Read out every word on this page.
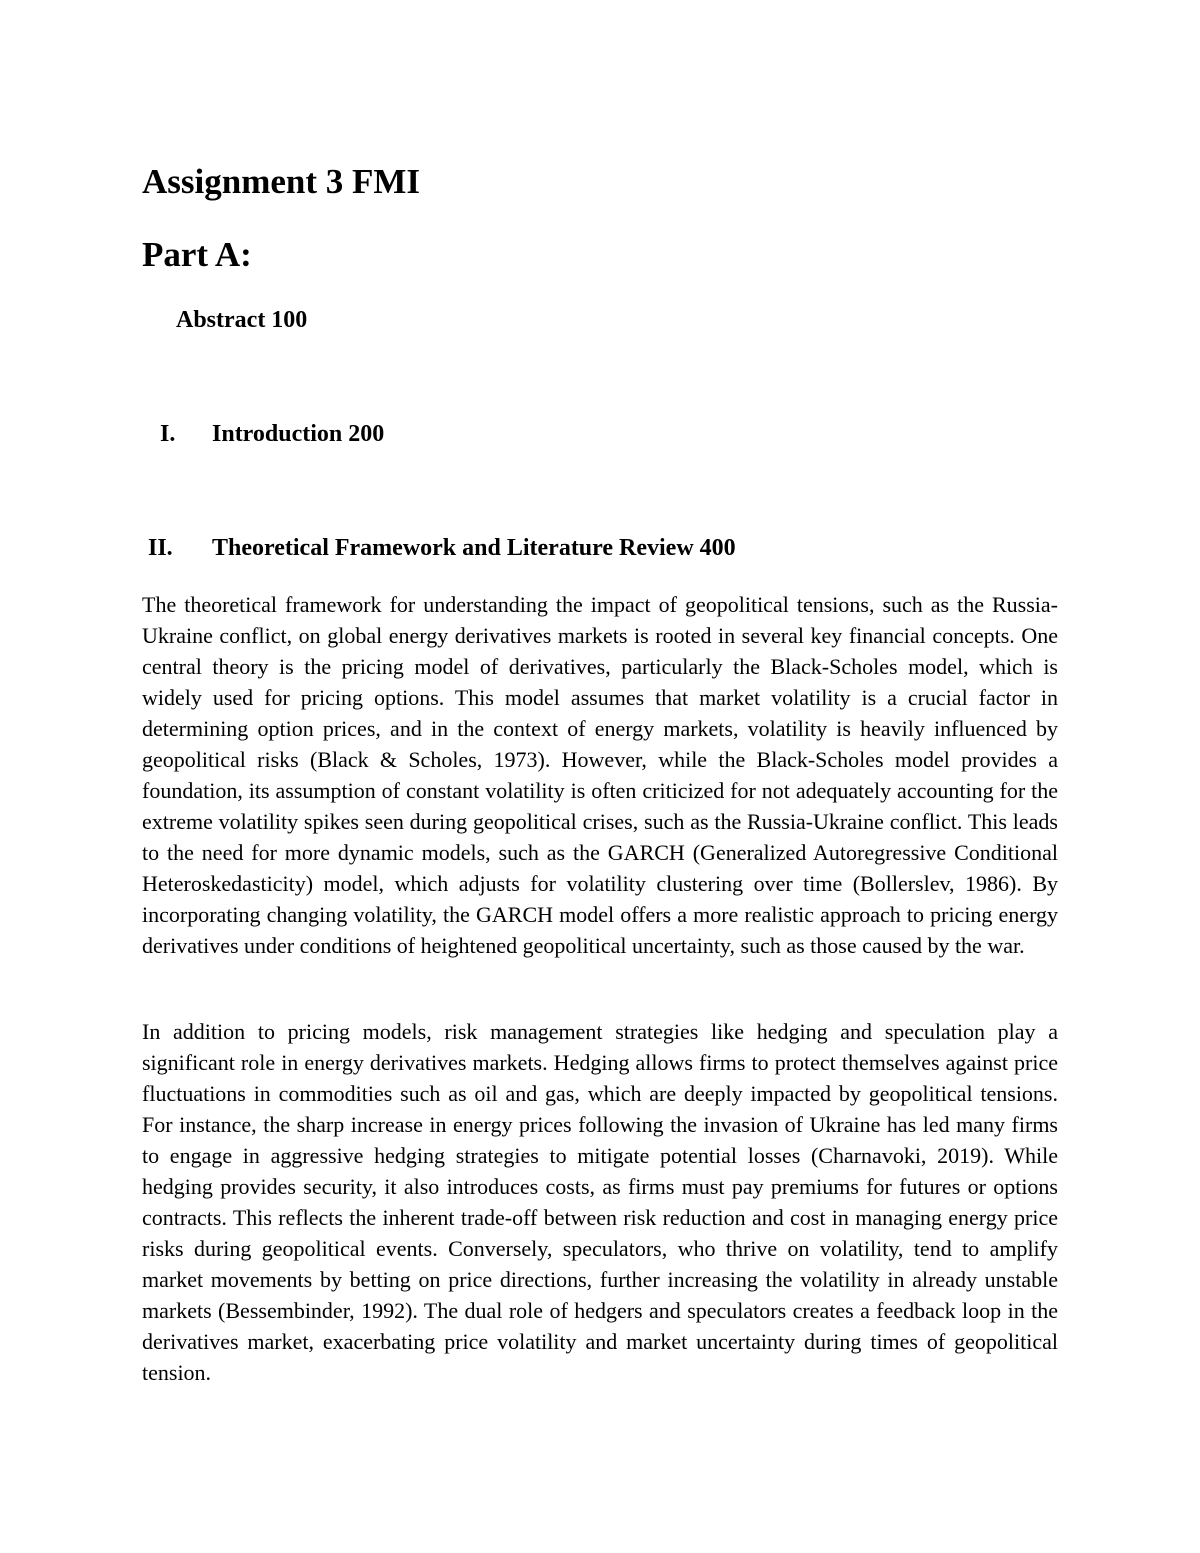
Assignment 3 FMI
Part A:
Abstract 100
I. Introduction 200
II. Theoretical Framework and Literature Review 400

The theoretical framework for understanding the impact of geopolitical tensions, such as the Russia-Ukraine conflict, on global energy derivatives markets is rooted in several key financial concepts. One central theory is the pricing model of derivatives, particularly the Black-Scholes model, which is widely used for pricing options. This model assumes that market volatility is a crucial factor in determining option prices, and in the context of energy markets, volatility is heavily influenced by geopolitical risks (Black & Scholes, 1973). However, while the Black-Scholes model provides a foundation, its assumption of constant volatility is often criticized for not adequately accounting for the extreme volatility spikes seen during geopolitical crises, such as the Russia-Ukraine conflict. This leads to the need for more dynamic models, such as the GARCH (Generalized Autoregressive Conditional Heteroskedasticity) model, which adjusts for volatility clustering over time (Bollerslev, 1986). By incorporating changing volatility, the GARCH model offers a more realistic approach to pricing energy derivatives under conditions of heightened geopolitical uncertainty, such as those caused by the war.

In addition to pricing models, risk management strategies like hedging and speculation play a significant role in energy derivatives markets. Hedging allows firms to protect themselves against price fluctuations in commodities such as oil and gas, which are deeply impacted by geopolitical tensions. For instance, the sharp increase in energy prices following the invasion of Ukraine has led many firms to engage in aggressive hedging strategies to mitigate potential losses (Charnavoki, 2019). While hedging provides security, it also introduces costs, as firms must pay premiums for futures or options contracts. This reflects the inherent trade-off between risk reduction and cost in managing energy price risks during geopolitical events. Conversely, speculators, who thrive on volatility, tend to amplify market movements by betting on price directions, further increasing the volatility in already unstable markets (Bessembinder, 1992). The dual role of hedgers and speculators creates a feedback loop in the derivatives market, exacerbating price volatility and market uncertainty during times of geopolitical tension.
